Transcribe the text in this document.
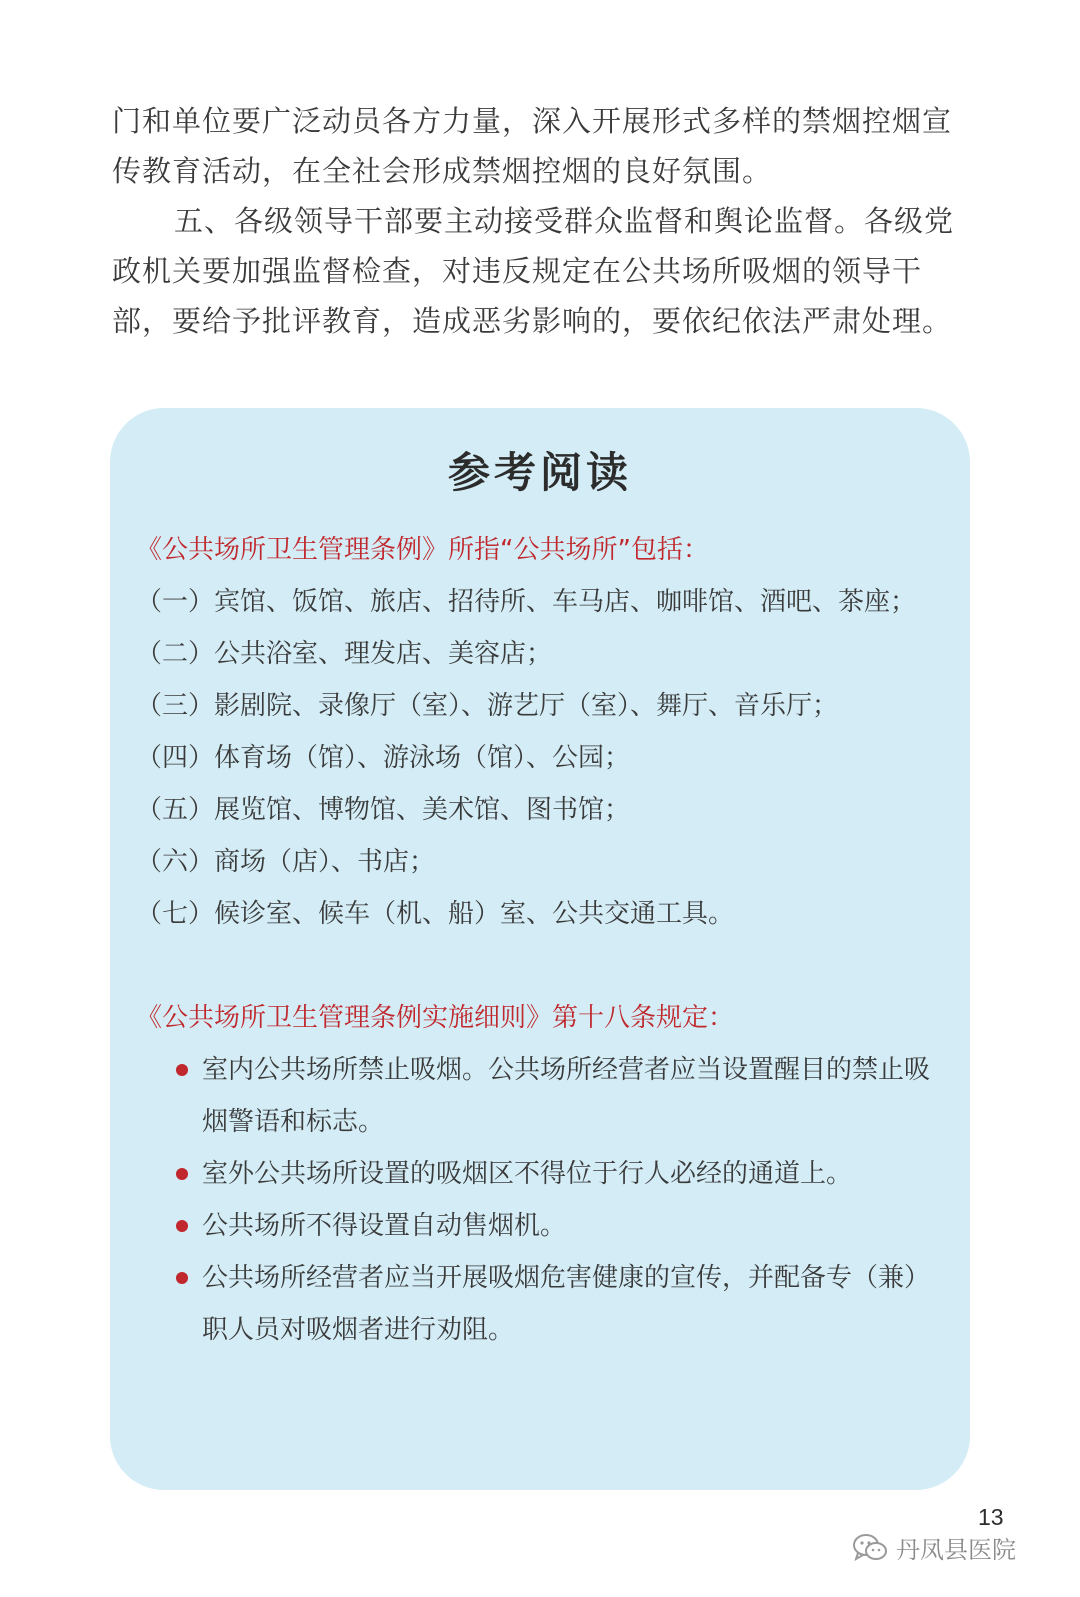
门和单位要广泛动员各方力量，深入开展形式多样的禁烟控烟宣传教育活动，在全社会形成禁烟控烟的良好氛围。

五、各级领导干部要主动接受群众监督和舆论监督。各级党政机关要加强监督检查，对违反规定在公共场所吸烟的领导干部，要给予批评教育，造成恶劣影响的，要依纪依法严肃处理。

参考阅读

《公共场所卫生管理条例》所指“公共场所”包括：

（一）宾馆、饭馆、旅店、招待所、车马店、咖啡馆、酒吧、茶座；

（二）公共浴室、理发店、美容店；

（三）影剧院、录像厅（室）、游艺厅（室）、舞厅、音乐厅；

（四）体育场（馆）、游泳场（馆）、公园；

（五）展览馆、博物馆、美术馆、图书馆；

（六）商场（店）、书店；

（七）候诊室、候车（机、船）室、公共交通工具。

《公共场所卫生管理条例实施细则》第十八条规定：

室内公共场所禁止吸烟。公共场所经营者应当设置醒目的禁止吸烟警语和标志。
室外公共场所设置的吸烟区不得位于行人必经的通道上。
公共场所不得设置自动售烟机。
公共场所经营者应当开展吸烟危害健康的宣传，并配备专（兼）职人员对吸烟者进行劝阻。
13
丹凤县医院
